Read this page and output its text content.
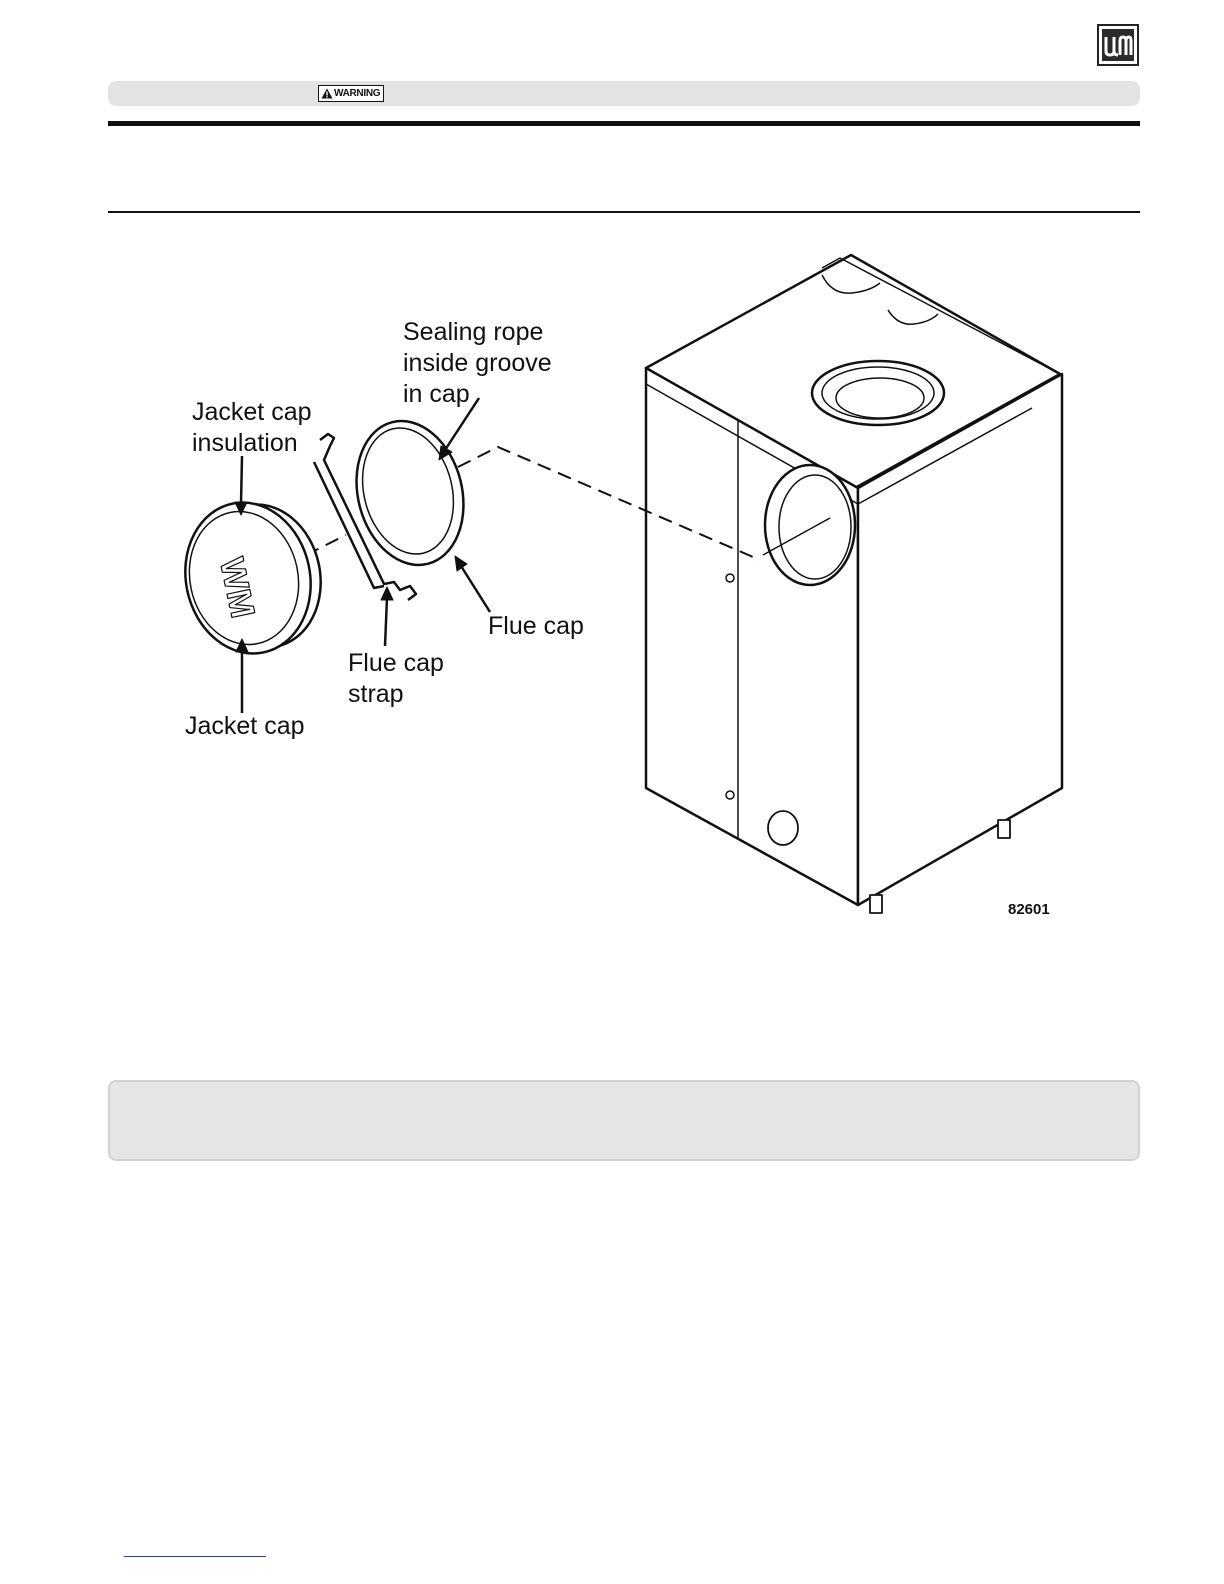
WARNING
WM
Sealing rope
inside groove
in cap
Jacket cap
insulation
Flue cap
Flue cap
strap
Jacket cap
82601
